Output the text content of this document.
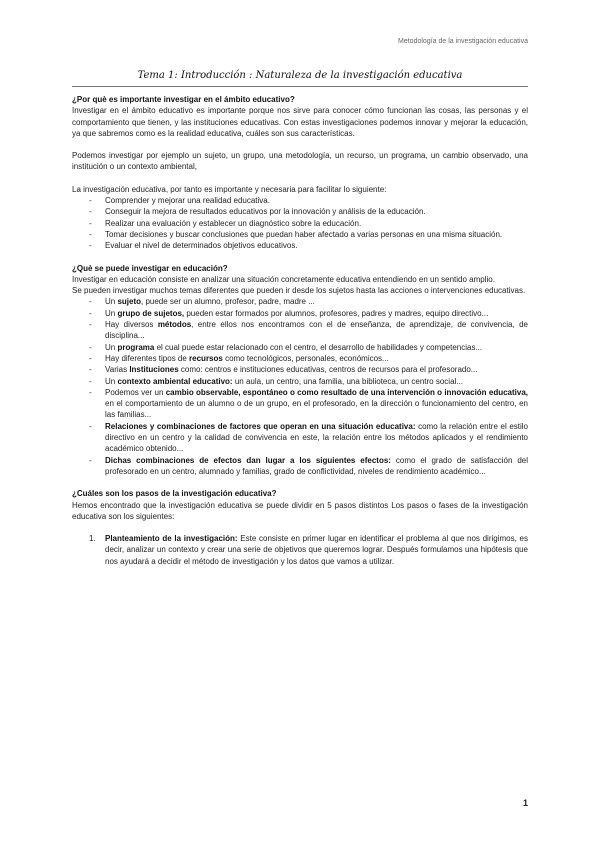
Metodología de la investigación educativa
Tema 1: Introducción : Naturaleza de la investigación educativa

¿Por què es importante investigar en el ámbito educativo?

Investigar en el ámbito educativo es importante porque nos sirve para conocer cómo funcionan las cosas, las personas y el comportamiento que tienen, y las instituciones educativas. Con estas investigaciones podemos innovar y mejorar la educación, ya que sabremos como es la realidad educativa, cuáles son sus características.

Podemos investigar por ejemplo un sujeto, un grupo, una metodología, un recurso, un programa, un cambio observado, una institución o un contexto ambiental,

La investigación educativa, por tanto es importante y necesaria para facilitar lo siguiente:

- Comprender y mejorar una realidad educativa.
- Conseguir la mejora de resultados educativos por la innovación y análisis de la educación.
- Realizar una evaluación y establecer un diagnóstico sobre la educación.
- Tomar decisiones y buscar conclusiones que puedan haber afectado a varias personas en una misma situación.
- Evaluar el nivel de determinados objetivos educativos.

¿Què se puede investigar en educación?

Investigar en educación consiste en analizar una situación concretamente educativa entendiendo en un sentido amplio.

Se pueden investigar muchos temas diferentes que pueden ir desde los sujetos hasta las acciones o intervenciones educativas.

- Un sujeto, puede ser un alumno, profesor, padre, madre ...
- Un grupo de sujetos, pueden estar formados por alumnos, profesores, padres y madres, equipo directivo...
- Hay diversos métodos, entre ellos nos encontramos con el de enseñanza, de aprendizaje, de convivencia, de disciplina...
- Un programa el cual puede estar relacionado con el centro, el desarrollo de habilidades y competencias...
- Hay diferentes tipos de recursos como tecnológicos, personales, económicos...
- Varias Instituciones como: centros e instituciones educativas, centros de recursos para el profesorado...
- Un contexto ambiental educativo: un aula, un centro, una familia, una biblioteca, un centro social...
- Podemos ver un cambio observable, espontáneo o como resultado de una intervención o innovación educativa, en el comportamiento de un alumno o de un grupo, en el profesorado, en la dirección o funcionamiento del centro, en las familias...
- Relaciones y combinaciones de factores que operan en una situación educativa: como la relación entre el estilo directivo en un centro y la calidad de convivencia en este, la relación entre los métodos aplicados y el rendimiento académico obtenido...
- Dichas combinaciones de efectos dan lugar a los siguientes efectos: como el grado de satisfacción del profesorado en un centro, alumnado y familias, grado de conflictividad, niveles de rendimiento académico...

¿Cuáles son los pasos de la investigación educativa?

Hemos encontrado que la investigación educativa se puede dividir en 5 pasos distintos Los pasos o fases de la investigación educativa son los siguientes:

1. Planteamiento de la investigación: Este consiste en primer lugar en identificar el problema al que nos dirigimos, es decir, analizar un contexto y crear una serie de objetivos que queremos lograr. Después formulamos una hipótesis que nos ayudará a decidir el método de investigación y los datos que vamos a utilizar.
1
